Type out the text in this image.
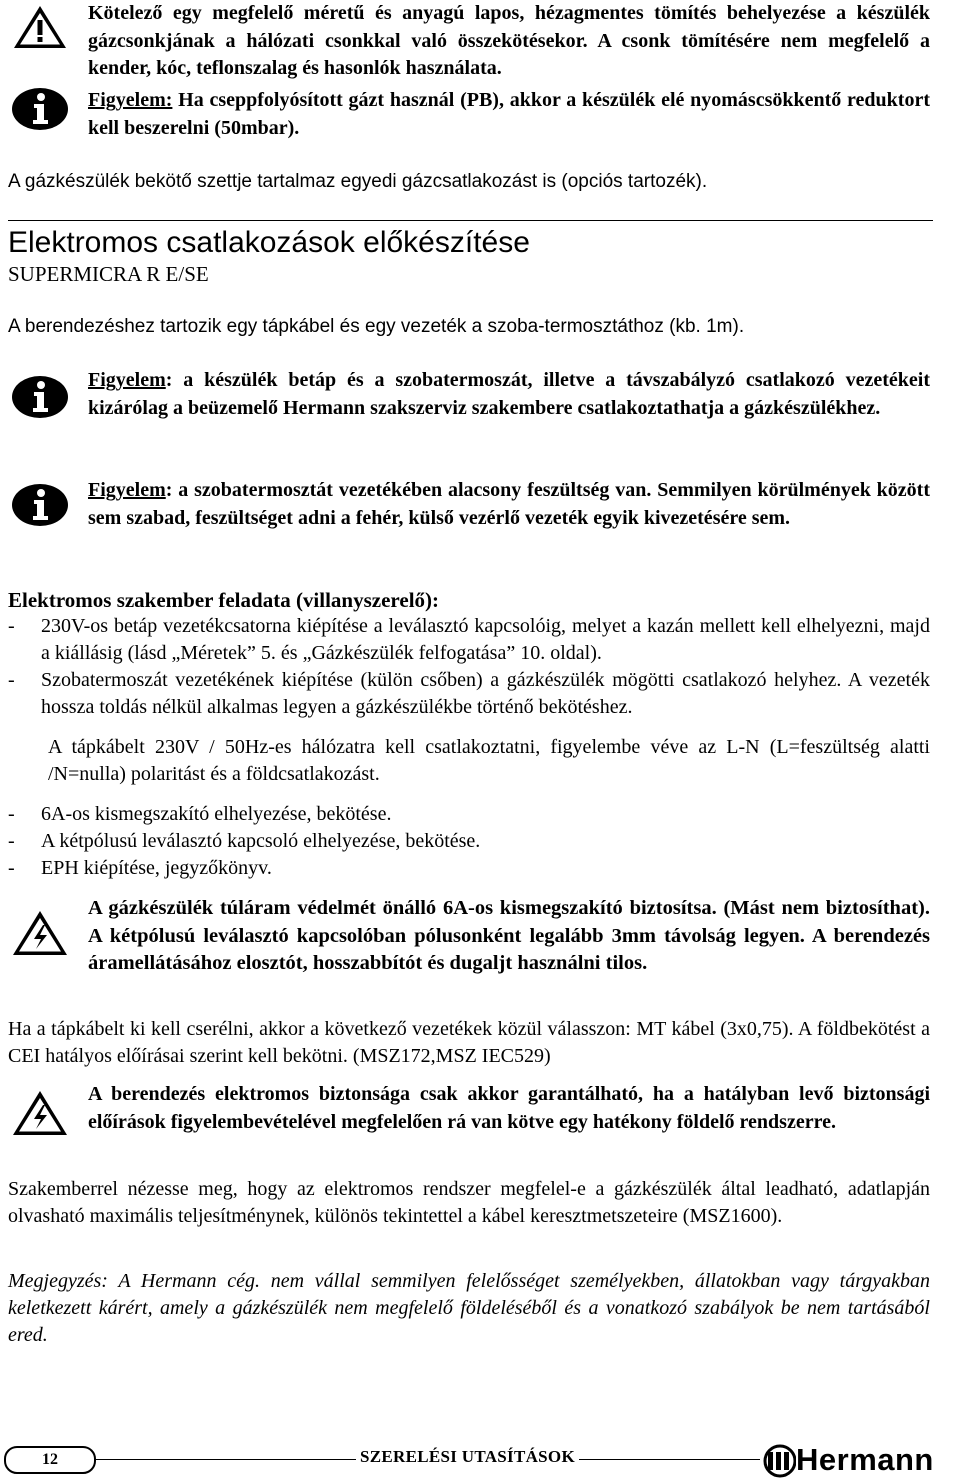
Kötelező egy megfelelő méretű és anyagú lapos, hézagmentes tömítés behelyezése a készülék gázcsonkjának a hálózati csonkkal való összekötésekor. A csonk tömítésére nem megfelelő a kender, kóc, teflonszalag és hasonlók használata.
Figyelem: Ha cseppfolyósított gázt használ (PB), akkor a készülék elé nyomáscsökkentő reduktort kell beszerelni (50mbar).
A gázkészülék bekötő szettje tartalmaz egyedi gázcsatlakozást is (opciós tartozék).
Elektromos csatlakozások előkészítése
SUPERMICRA R E/SE
A berendezéshez tartozik egy tápkábel és egy vezeték a szoba-termosztáthoz (kb. 1m).
Figyelem: a készülék betáp és a szobatermoszát, illetve a távszabályzó csatlakozó vezetékeit kizárólag a beüzemelő Hermann szakszerviz szakembere csatlakoztathatja a gázkészülékhez.
Figyelem: a szobatermosztát vezetékében alacsony feszültség van. Semmilyen körülmények között sem szabad, feszültséget adni a fehér, külső vezérlő vezeték egyik kivezetésére sem.
Elektromos szakember feladata (villanyszerelő):
- 230V-os betáp vezetékcsatorna kiépítése a leválasztó kapcsolóig, melyet a kazán mellett kell elhelyezni, majd a kiállásig (lásd „Méretek” 5. és „Gázkészülék felfogatása” 10. oldal).
- Szobatermoszát vezetékének kiépítése (külön csőben) a gázkészülék mögötti csatlakozó helyhez. A vezeték hossza toldás nélkül alkalmas legyen a gázkészülékbe történő bekötéshez.
A tápkábelt 230V / 50Hz-es hálózatra kell csatlakoztatni, figyelembe véve az L-N (L=feszültség alatti /N=nulla) polaritást és a földcsatlakozást.
- 6A-os kismegszakító elhelyezése, bekötése.
- A kétpólusú leválasztó kapcsoló elhelyezése, bekötése.
- EPH kiépítése, jegyzőkönyv.
A gázkészülék túláram védelmét önálló 6A-os kismegszakító biztosítsa. (Mást nem biztosíthat). A kétpólusú leválasztó kapcsolóban pólusonként legalább 3mm távolság legyen. A berendezés áramellátásához elosztót, hosszabbítót és dugaljt használni tilos.
Ha a tápkábelt ki kell cserélni, akkor a következő vezetékek közül válasszon: MT kábel (3x0,75). A földbekötést a CEI hatályos előírásai szerint kell bekötni. (MSZ172,MSZ IEC529)
A berendezés elektromos biztonsága csak akkor garantálható, ha a hatályban levő biztonsági előírások figyelembevételével megfelelően rá van kötve egy hatékony földelő rendszerre.
Szakemberrel nézesse meg, hogy az elektromos rendszer megfelel-e a gázkészülék által leadható, adatlapján olvasható maximális teljesítménynek, különös tekintettel a kábel keresztmetszeteire (MSZ1600).
Megjegyzés: A Hermann cég. nem vállal semmilyen felelősséget személyekben, állatokban vagy tárgyakban keletkezett kárért, amely a gázkészülék nem megfelelő földeléséből és a vonatkozó szabályok be nem tartásából ered.
12	SZERELÉSI UTASÍTÁSOK	Hermann
